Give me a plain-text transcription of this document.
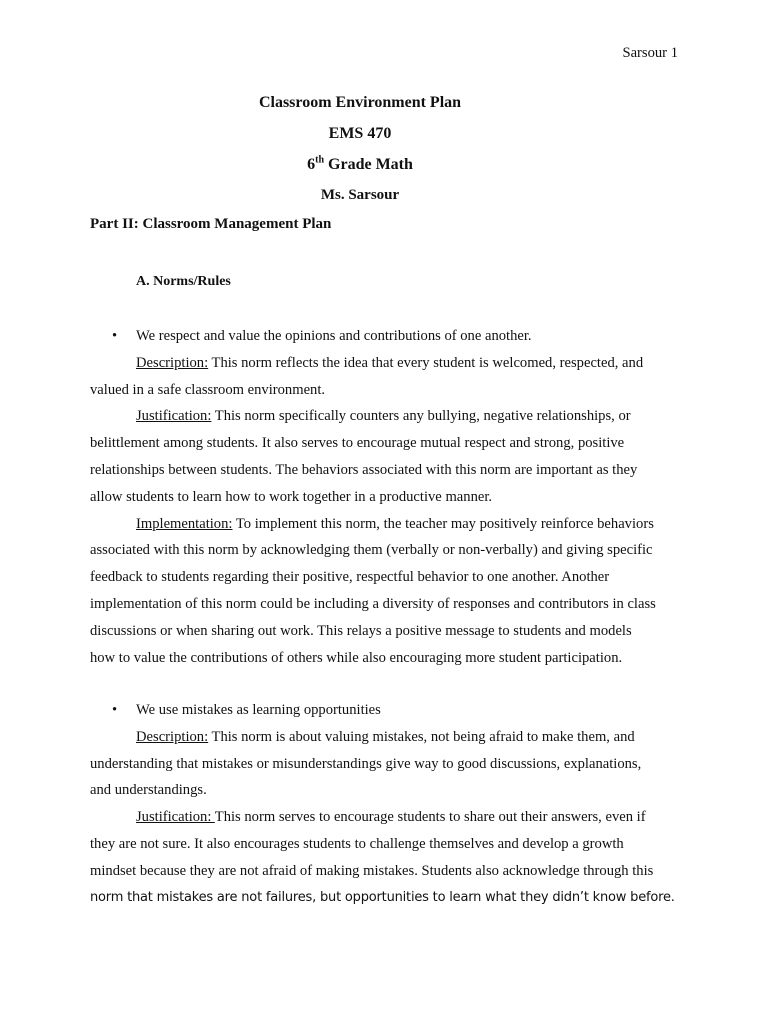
Sarsour 1
Classroom Environment Plan
EMS 470
6th Grade Math
Ms. Sarsour
Part II: Classroom Management Plan
A. Norms/Rules
• We respect and value the opinions and contributions of one another.
Description: This norm reflects the idea that every student is welcomed, respected, and
valued in a safe classroom environment.
Justification: This norm specifically counters any bullying, negative relationships, or
belittlement among students. It also serves to encourage mutual respect and strong, positive
relationships between students. The behaviors associated with this norm are important as they
allow students to learn how to work together in a productive manner.
Implementation: To implement this norm, the teacher may positively reinforce behaviors
associated with this norm by acknowledging them (verbally or non-verbally) and giving specific
feedback to students regarding their positive, respectful behavior to one another. Another
implementation of this norm could be including a diversity of responses and contributors in class
discussions or when sharing out work. This relays a positive message to students and models
how to value the contributions of others while also encouraging more student participation.
• We use mistakes as learning opportunities
Description: This norm is about valuing mistakes, not being afraid to make them, and
understanding that mistakes or misunderstandings give way to good discussions, explanations,
and understandings.
Justification: This norm serves to encourage students to share out their answers, even if
they are not sure. It also encourages students to challenge themselves and develop a growth
mindset because they are not afraid of making mistakes. Students also acknowledge through this
norm that mistakes are not failures, but opportunities to learn what they didn’t know before.
